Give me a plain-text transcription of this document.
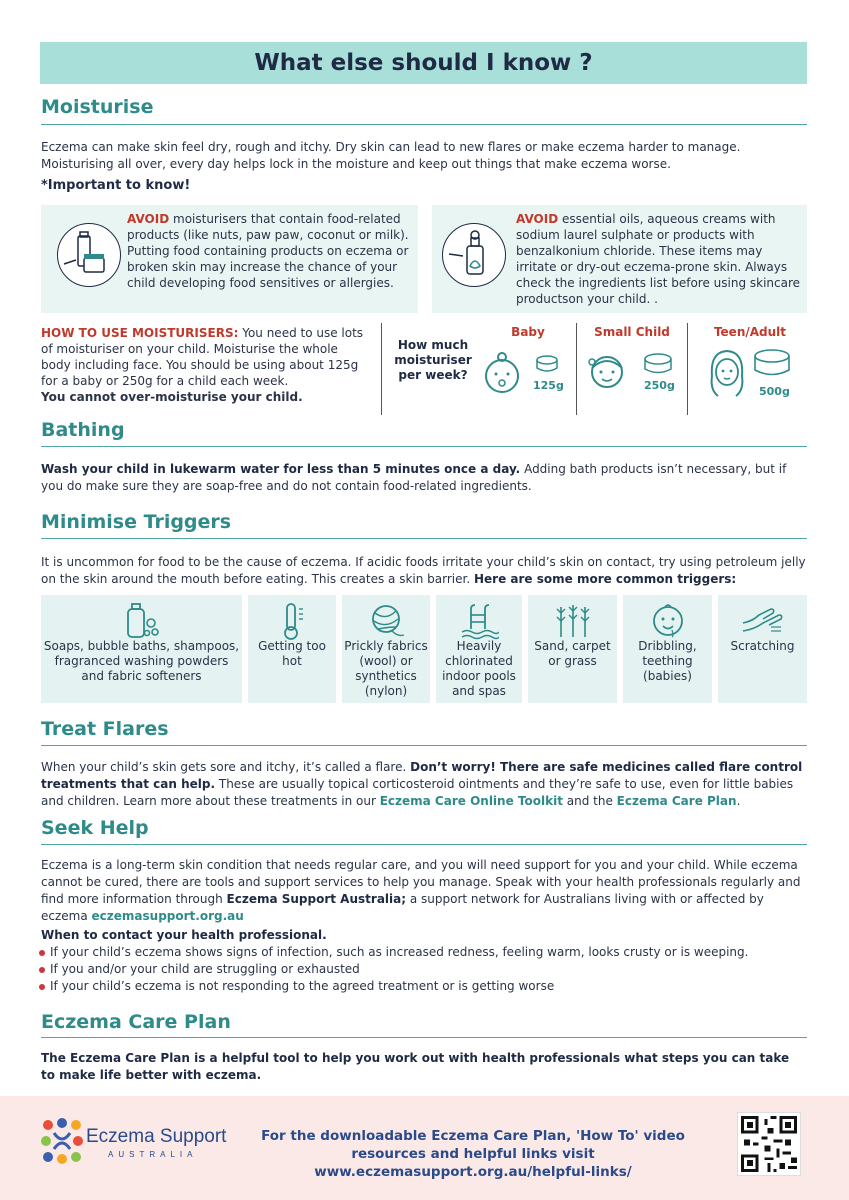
What else should I know ?
Moisturise
Eczema can make skin feel dry, rough and itchy. Dry skin can lead to new flares or make eczema harder to manage. Moisturising all over, every day helps lock in the moisture and keep out things that make eczema worse.
*Important to know!
AVOID moisturisers that contain food-related products (like nuts, paw paw, coconut or milk). Putting food containing products on eczema or broken skin may increase the chance of your child developing food sensitives or allergies.
AVOID essential oils, aqueous creams with sodium laurel sulphate or products with benzalkonium chloride. These items may irritate or dry-out eczema-prone skin. Always check the ingredients list before using skincare productson your child. .
HOW TO USE MOISTURISERS: You need to use lots of moisturiser on your child. Moisturise the whole body including face. You should be using about 125g for a baby or 250g for a child each week.
You cannot over-moisturise your child.
How much moisturiser per week?
Baby	Small Child	Teen/Adult
125g	250g	500g
Bathing
Wash your child in lukewarm water for less than 5 minutes once a day. Adding bath products isn’t necessary, but if you do make sure they are soap-free and do not contain food-related ingredients.
Minimise Triggers
It is uncommon for food to be the cause of eczema. If acidic foods irritate your child’s skin on contact, try using petroleum jelly on the skin around the mouth before eating. This creates a skin barrier. Here are some more common triggers:
Soaps, bubble baths, shampoos, fragranced washing powders and fabric softeners
Getting too hot
Prickly fabrics (wool) or synthetics (nylon)
Heavily chlorinated indoor pools and spas
Sand, carpet or grass
Dribbling, teething (babies)
Scratching
Treat Flares
When your child’s skin gets sore and itchy, it’s called a flare. Don’t worry! There are safe medicines called flare control treatments that can help. These are usually topical corticosteroid ointments and they’re safe to use, even for little babies and children. Learn more about these treatments in our Eczema Care Online Toolkit and the Eczema Care Plan.
Seek Help
Eczema is a long-term skin condition that needs regular care, and you will need support for you and your child. While eczema cannot be cured, there are tools and support services to help you manage. Speak with your health professionals regularly and find more information through Eczema Support Australia; a support network for Australians living with or affected by eczema eczemasupport.org.au
When to contact your health professional.
If your child’s eczema shows signs of infection, such as increased redness, feeling warm, looks crusty or is weeping.
If you and/or your child are struggling or exhausted
If your child’s eczema is not responding to the agreed treatment or is getting worse
Eczema Care Plan
The Eczema Care Plan is a helpful tool to help you work out with health professionals what steps you can take to make life better with eczema.
Eczema Support
AUSTRALIA
For the downloadable Eczema Care Plan, 'How To' video resources and helpful links visit www.eczemasupport.org.au/helpful-links/
